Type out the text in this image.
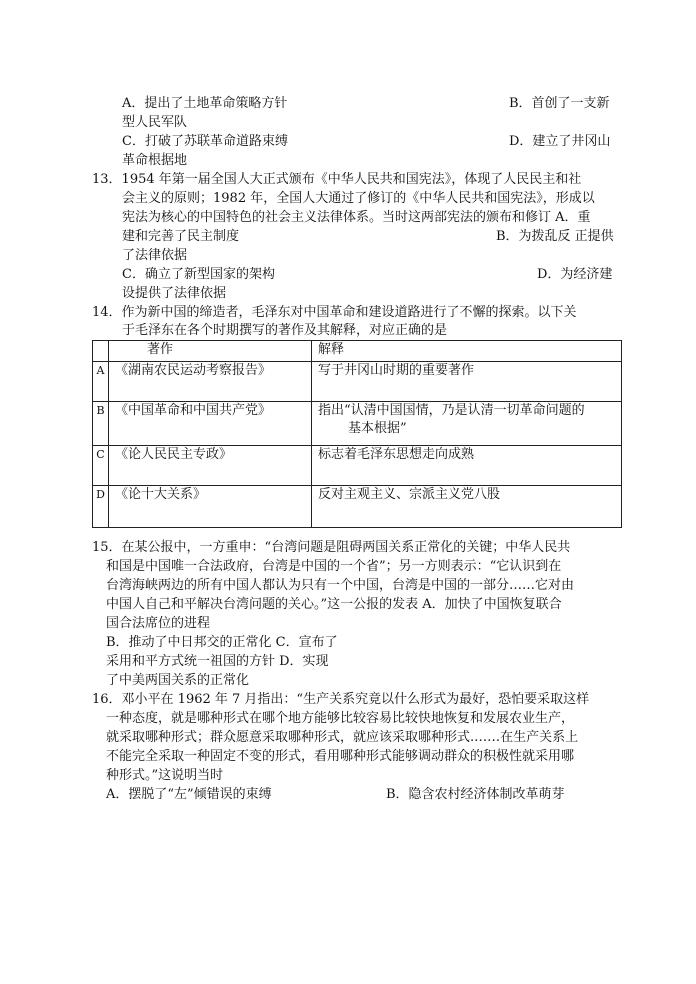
A．提出了土地革命策略方针	B．首创了一支新
型人民军队
C．打破了苏联革命道路束缚	D．建立了井冈山
革命根据地
13．1954 年第一届全国人大正式颁布《中华人民共和国宪法》，体现了人民民主和社
会主义的原则；1982 年，全国人大通过了修订的《中华人民共和国宪法》，形成以
宪法为核心的中国特色的社会主义法律体系。当时这两部宪法的颁布和修订 A．重
建和完善了民主制度	B．为拨乱反 正提供
了法律依据
C．确立了新型国家的架构	D．为经济建
设提供了法律依据
14．作为新中国的缔造者，毛泽东对中国革命和建设道路进行了不懈的探索。以下关
于毛泽东在各个时期撰写的著作及其解释，对应正确的是
	著作	解释
A	《湖南农民运动考察报告》	写于井冈山时期的重要著作
B	《中国革命和中国共产党》	指出“认清中国国情，乃是认清一切革命问题的
基本根据”

C	《论人民民主专政》	标志着毛泽东思想走向成熟
D	《论十大关系》	反对主观主义、宗派主义党八股
15．在某公报中，一方重申：“台湾问题是阻碍两国关系正常化的关键；中华人民共
和国是中国唯一合法政府，台湾是中国的一个省”；另一方则表示：“它认识到在
台湾海峡两边的所有中国人都认为只有一个中国，台湾是中国的一部分……它对由
中国人自己和平解决台湾问题的关心。”这一公报的发表 A．加快了中国恢复联合
国合法席位的进程
B．推动了中日邦交的正常化 C．宣布了
采用和平方式统一祖国的方针 D．实现
了中美两国关系的正常化
16．邓小平在 1962 年 7 月指出：“生产关系究竟以什么形式为最好，恐怕要采取这样
一种态度，就是哪种形式在哪个地方能够比较容易比较快地恢复和发展农业生产，
就采取哪种形式；群众愿意采取哪种形式，就应该采取哪种形式.……在生产关系上
不能完全采取一种固定不变的形式，看用哪种形式能够调动群众的积极性就采用哪
种形式。”这说明当时
A．摆脱了“左”倾错误的束缚	B．隐含农村经济体制改革萌芽
